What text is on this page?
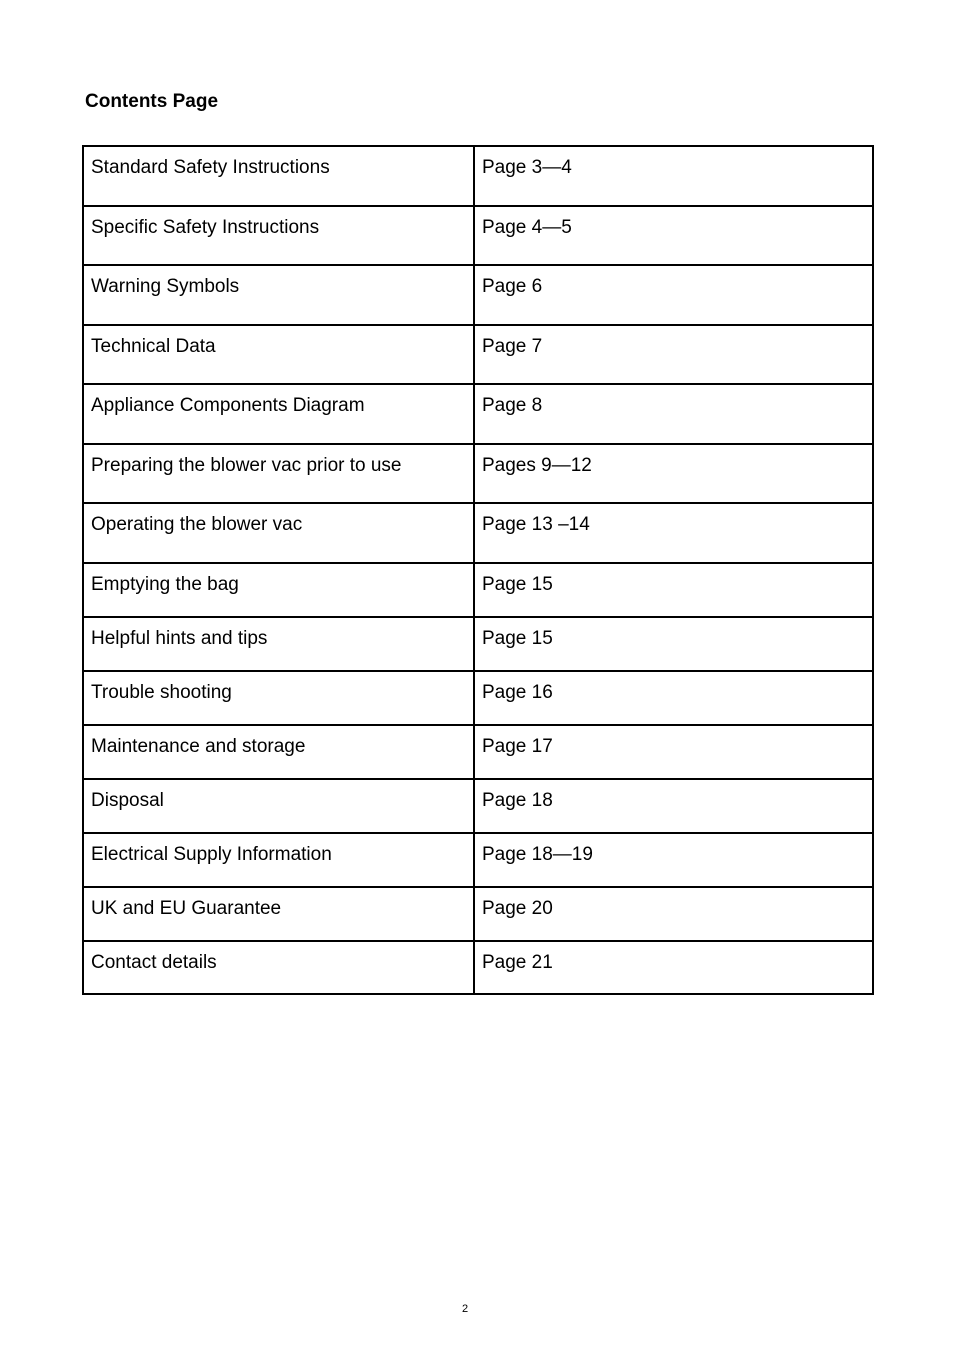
Contents Page
Standard Safety Instructions	Page 3—4
Specific Safety Instructions	Page 4—5
Warning Symbols	Page 6
Technical Data	Page 7
Appliance Components Diagram	Page 8
Preparing the blower vac prior to use	Pages 9—12
Operating the blower vac	Page 13 –14
Emptying the bag	Page 15
Helpful hints and tips	Page 15
Trouble shooting	Page 16
Maintenance and storage	Page 17
Disposal	Page 18
Electrical Supply Information	Page 18—19
UK and EU Guarantee	Page 20
Contact details	Page 21
2
